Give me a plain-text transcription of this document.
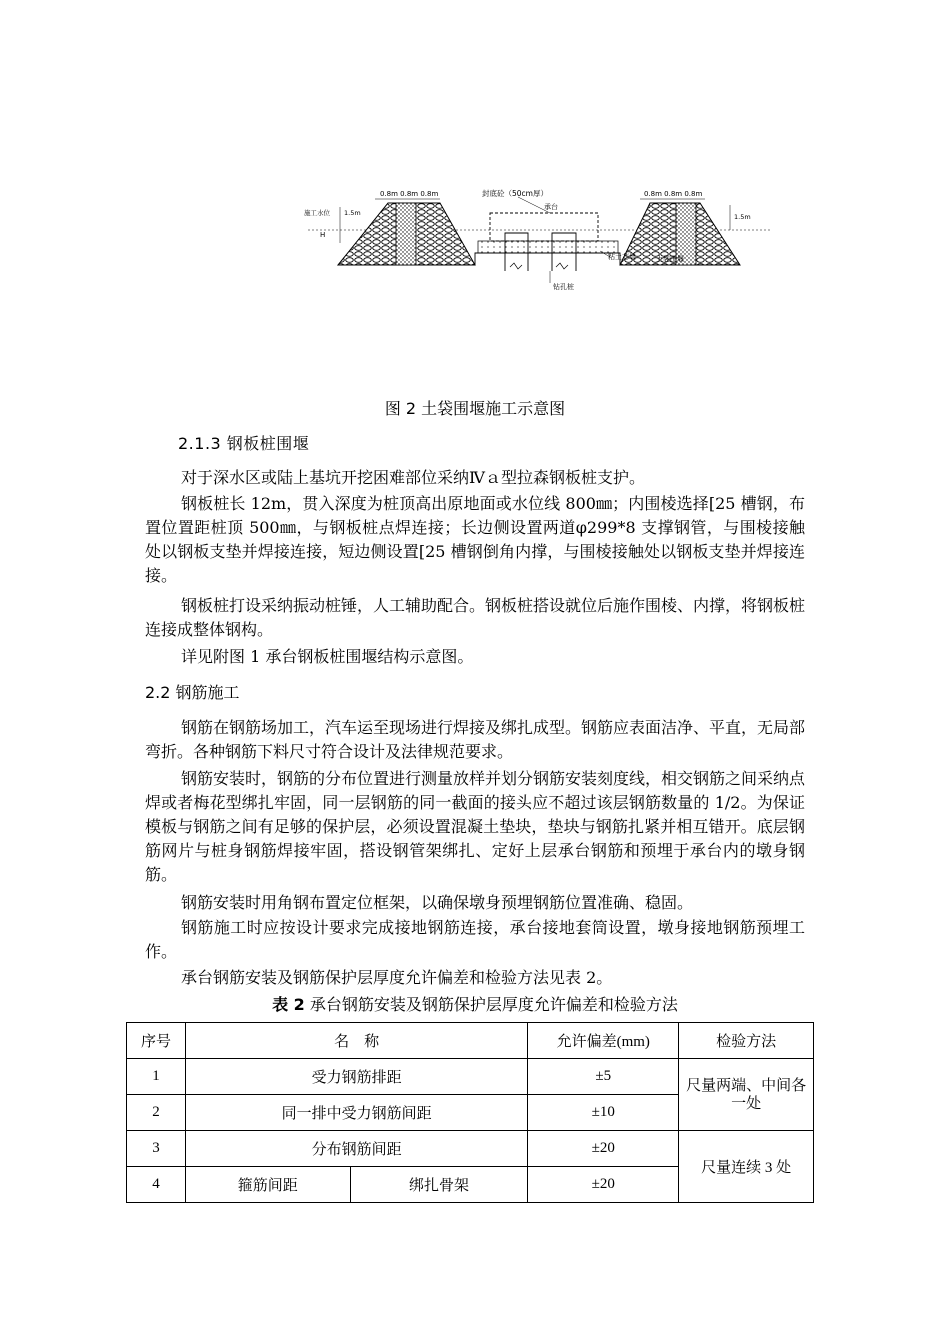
0.8m 0.8m 0.8m	0.8m 0.8m 0.8m
封底砼（50cm厚）
施工水位 1.5m	1.5m
H
承台
粘土芯墙	土袋围堰
钻孔桩
图 2 土袋围堰施工示意图
2.1.3 钢板桩围堰

对于深水区或陆上基坑开挖困难部位采纳Ⅳａ型拉森钢板桩支护。

钢板桩长 12m，贯入深度为桩顶高出原地面或水位线 800㎜；内围棱选择[25 槽钢，布置位置距桩顶 500㎜，与钢板桩点焊连接；长边侧设置两道φ299*8 支撑钢管，与围棱接触处以钢板支垫并焊接连接，短边侧设置[25 槽钢倒角内撑，与围棱接触处以钢板支垫并焊接连接。

钢板桩打设采纳振动桩锤，人工辅助配合。钢板桩搭设就位后施作围棱、内撑，将钢板桩连接成整体钢构。

详见附图 1 承台钢板桩围堰结构示意图。

2.2 钢筋施工

钢筋在钢筋场加工，汽车运至现场进行焊接及绑扎成型。钢筋应表面洁净、平直，无局部弯折。各种钢筋下料尺寸符合设计及法律规范要求。

钢筋安装时，钢筋的分布位置进行测量放样并划分钢筋安装刻度线，相交钢筋之间采纳点焊或者梅花型绑扎牢固，同一层钢筋的同一截面的接头应不超过该层钢筋数量的 1/2。为保证模板与钢筋之间有足够的保护层，必须设置混凝土垫块，垫块与钢筋扎紧并相互错开。底层钢筋网片与桩身钢筋焊接牢固，搭设钢管架绑扎、定好上层承台钢筋和预埋于承台内的墩身钢筋。

钢筋安装时用角钢布置定位框架，以确保墩身预埋钢筋位置准确、稳固。

钢筋施工时应按设计要求完成接地钢筋连接，承台接地套筒设置，墩身接地钢筋预埋工作。

承台钢筋安装及钢筋保护层厚度允许偏差和检验方法见表 2。

表 2 承台钢筋安装及钢筋保护层厚度允许偏差和检验方法
序号	名　称		允许偏差(mm)	检验方法
1	受力钢筋排距		±5	尺量两端、中间各一处
2	同一排中受力钢筋间距		±10	
3	分布钢筋间距		±20	尺量连续 3 处
4	箍筋间距	绑扎骨架	±20	
